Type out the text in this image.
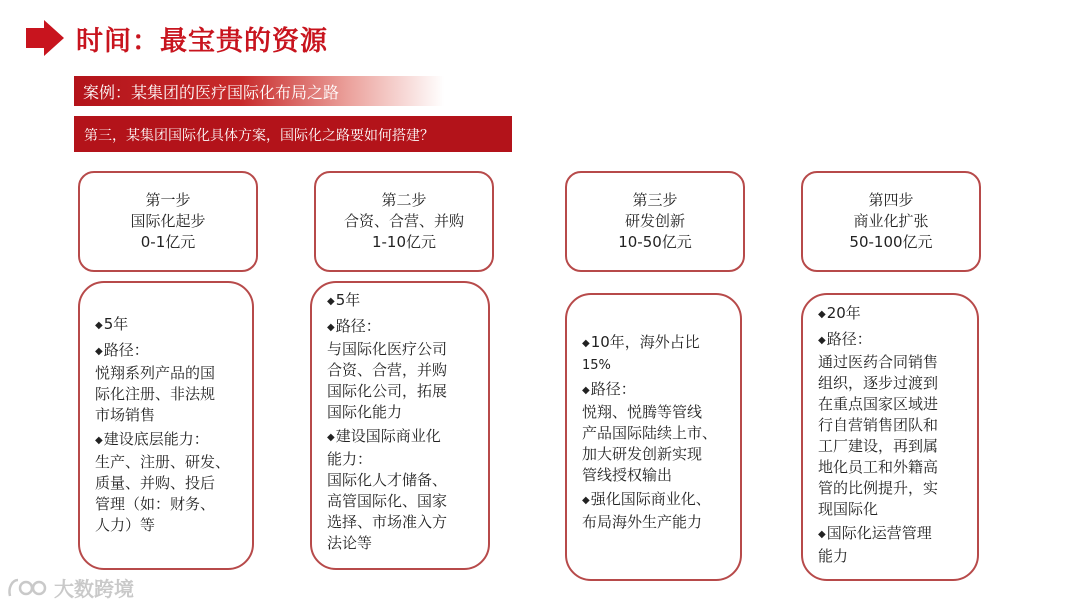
时间：最宝贵的资源
案例：某集团的医疗国际化布局之路
第三，某集团国际化具体方案，国际化之路要如何搭建？
第一步
国际化起步
0-1亿元
第二步
合资、合营、并购
1-10亿元
第三步
研发创新
10-50亿元
第四步
商业化扩张
50-100亿元

◆ 5年

◆ 路径：

悦翔系列产品的国

际化注册、非法规

市场销售

◆ 建设底层能力：

生产、注册、研发、

质量、并购、投后

管理（如：财务、

人力）等

◆ 5年

◆ 路径：

与国际化医疗公司

合资、合营，并购

国际化公司，拓展

国际化能力

◆ 建设国际商业化

能力：

国际化人才储备、

高管国际化、国家

选择、市场准入方

法论等

◆ 10年，海外占比

15%

◆ 路径：

悦翔、悦腾等管线

产品国际陆续上市、

加大研发创新实现

管线授权输出

◆ 强化国际商业化、

布局海外生产能力

◆ 20年

◆ 路径：

通过医药合同销售

组织，逐步过渡到

在重点国家区域进

行自营销售团队和

工厂建设，再到属

地化员工和外籍高

管的比例提升，实

现国际化

◆ 国际化运营管理

能力

大数跨境
